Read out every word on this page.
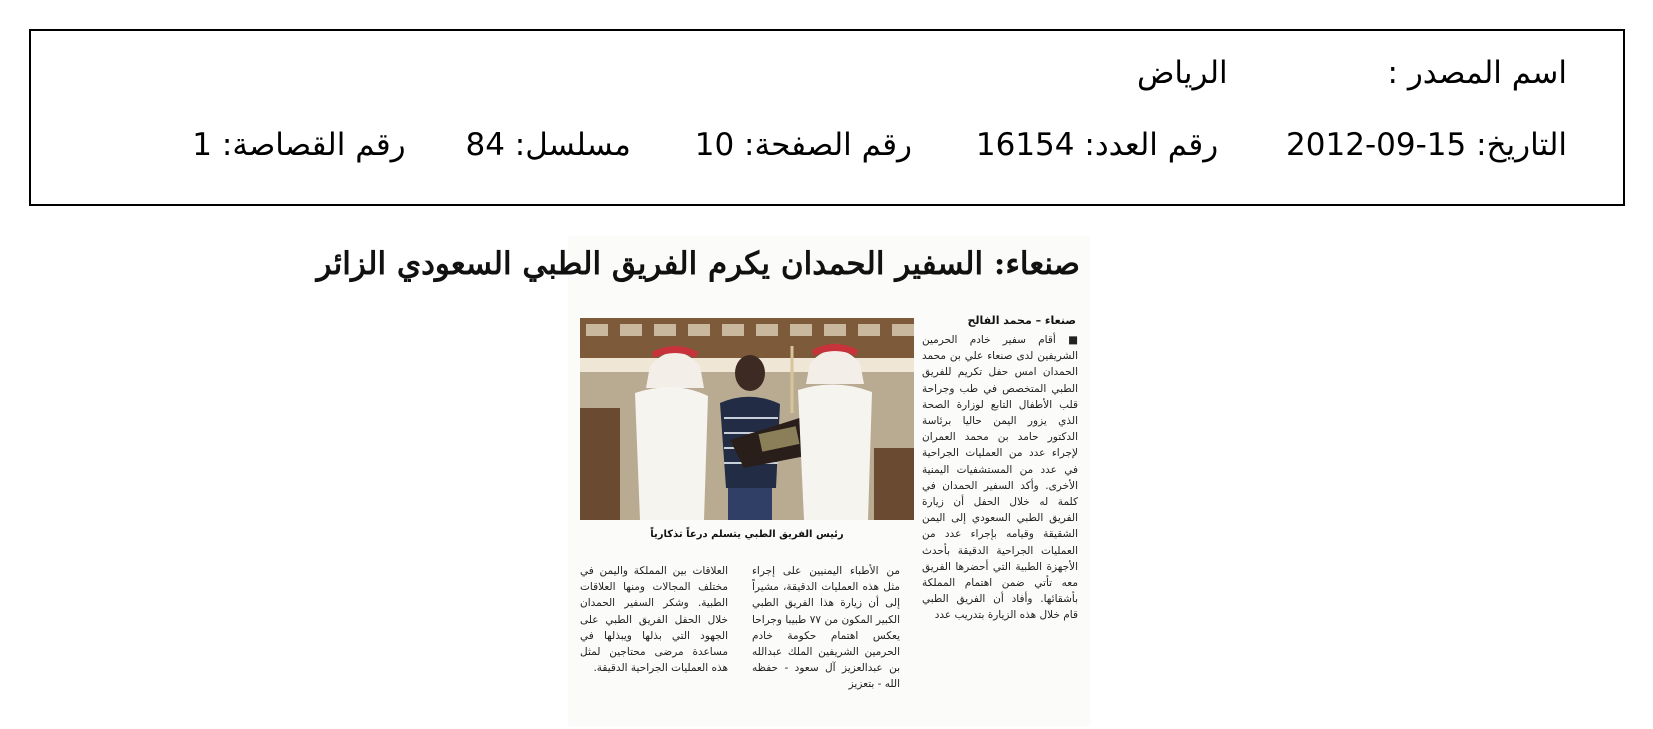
اسم المصدر : الرياض
التاريخ: 15-09-2012 رقم العدد: 16154 رقم الصفحة: 10 مسلسل: 84 رقم القصاصة: 1
صنعاء: السفير الحمدان يكرم الفريق الطبي السعودي الزائر
صنعاء – محمد الفالح
■ أقام سفير خادم الحرمين الشريفين لدى صنعاء علي بن محمد الحمدان امس حفل تكريم للفريق الطبي المتخصص في طب وجراحة قلب الأطفال التابع لوزارة الصحة الذي يزور اليمن حاليا برئاسة الدكتور حامد بن محمد العمران لإجراء عدد من العمليات الجراحية في عدد من المستشفيات اليمنية الأخرى. وأكد السفير الحمدان في كلمة له خلال الحفل أن زيارة الفريق الطبي السعودي إلى اليمن الشقيقة وقيامه بإجراء عدد من العمليات الجراحية الدقيقة بأحدث الأجهزة الطبية التي أحضرها الفريق معه تأتي ضمن اهتمام المملكة بأشقائها. وأفاد أن الفريق الطبي قام خلال هذه الزيارة بتدريب عدد
رئيس الفريق الطبي يتسلم درعاً تذكارياً
من الأطباء اليمنيين على إجراء مثل هذه العمليات الدقيقة، مشيراً إلى أن زيارة هذا الفريق الطبي الكبير المكون من ٧٧ طبيبا وجراحا يعكس اهتمام حكومة خادم الحرمين الشريفين الملك عبدالله بن عبدالعزيز آل سعود - حفظه الله - بتعزيز
العلاقات بين المملكة واليمن في مختلف المجالات ومنها العلاقات الطبية. وشكر السفير الحمدان خلال الحفل الفريق الطبي على الجهود التي بذلها ويبذلها في مساعدة مرضى محتاجين لمثل هذه العمليات الجراحية الدقيقة.
